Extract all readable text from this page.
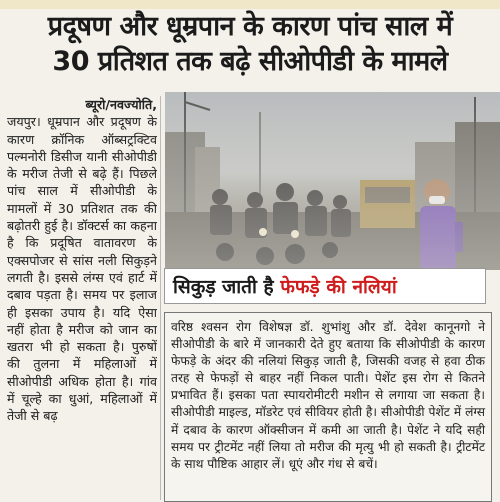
प्रदूषण और धूम्रपान के कारण पांच साल में
30 प्रतिशत तक बढ़े सीओपीडी के मामले

ब्यूरो/नवज्योति,

जयपुर। धूम्रपान और प्रदूषण के कारण क्रॉनिक ऑब्सट्रक्टिव पल्मनोरी डिसीज यानी सीओपीडी के मरीज तेजी से बढ़े हैं। पिछले पांच साल में सीओपीडी के मामलों में 30 प्रतिशत तक की बढ़ोतरी हुई है। डॉक्टर्स का कहना है कि प्रदूषित वातावरण के एक्सपोजर से सांस नली सिकुड़ने लगती है। इससे लंग्स एवं हार्ट में दबाव पड़ता है। समय पर इलाज ही इसका उपाय है। यदि ऐसा नहीं होता है मरीज को जान का खतरा भी हो सकता है। पुरुषों की तुलना में महिलाओं में सीओपीडी अधिक होता है। गांव में चूल्हे का धुआं, महिलाओं में तेजी से बढ़

सिकुड़ जाती है फेफड़े की नलियां

वरिष्ठ श्वसन रोग विशेषज्ञ डॉ. शुभांशु और डॉ. देवेश कानूनगो ने सीओपीडी के बारे में जानकारी देते हुए बताया कि सीओपीडी के कारण फेफड़े के अंदर की नलियां सिकुड़ जाती है, जिसकी वजह से हवा ठीक तरह से फेफड़ों से बाहर नहीं निकल पाती। पेशेंट इस रोग से कितने प्रभावित हैं। इसका पता स्पायरोमीटरी मशीन से लगाया जा सकता है। सीओपीडी माइल्ड, मॉडरेट एवं सीवियर होती है। सीओपीडी पेशेंट में लंग्स में दबाव के कारण ऑक्सीजन में कमी आ जाती है। पेशेंट ने यदि सही समय पर ट्रीटमेंट नहीं लिया तो मरीज की मृत्यु भी हो सकती है। ट्रीटमेंट के साथ पौष्टिक आहार लें। धूएं और गंध से बचें।
